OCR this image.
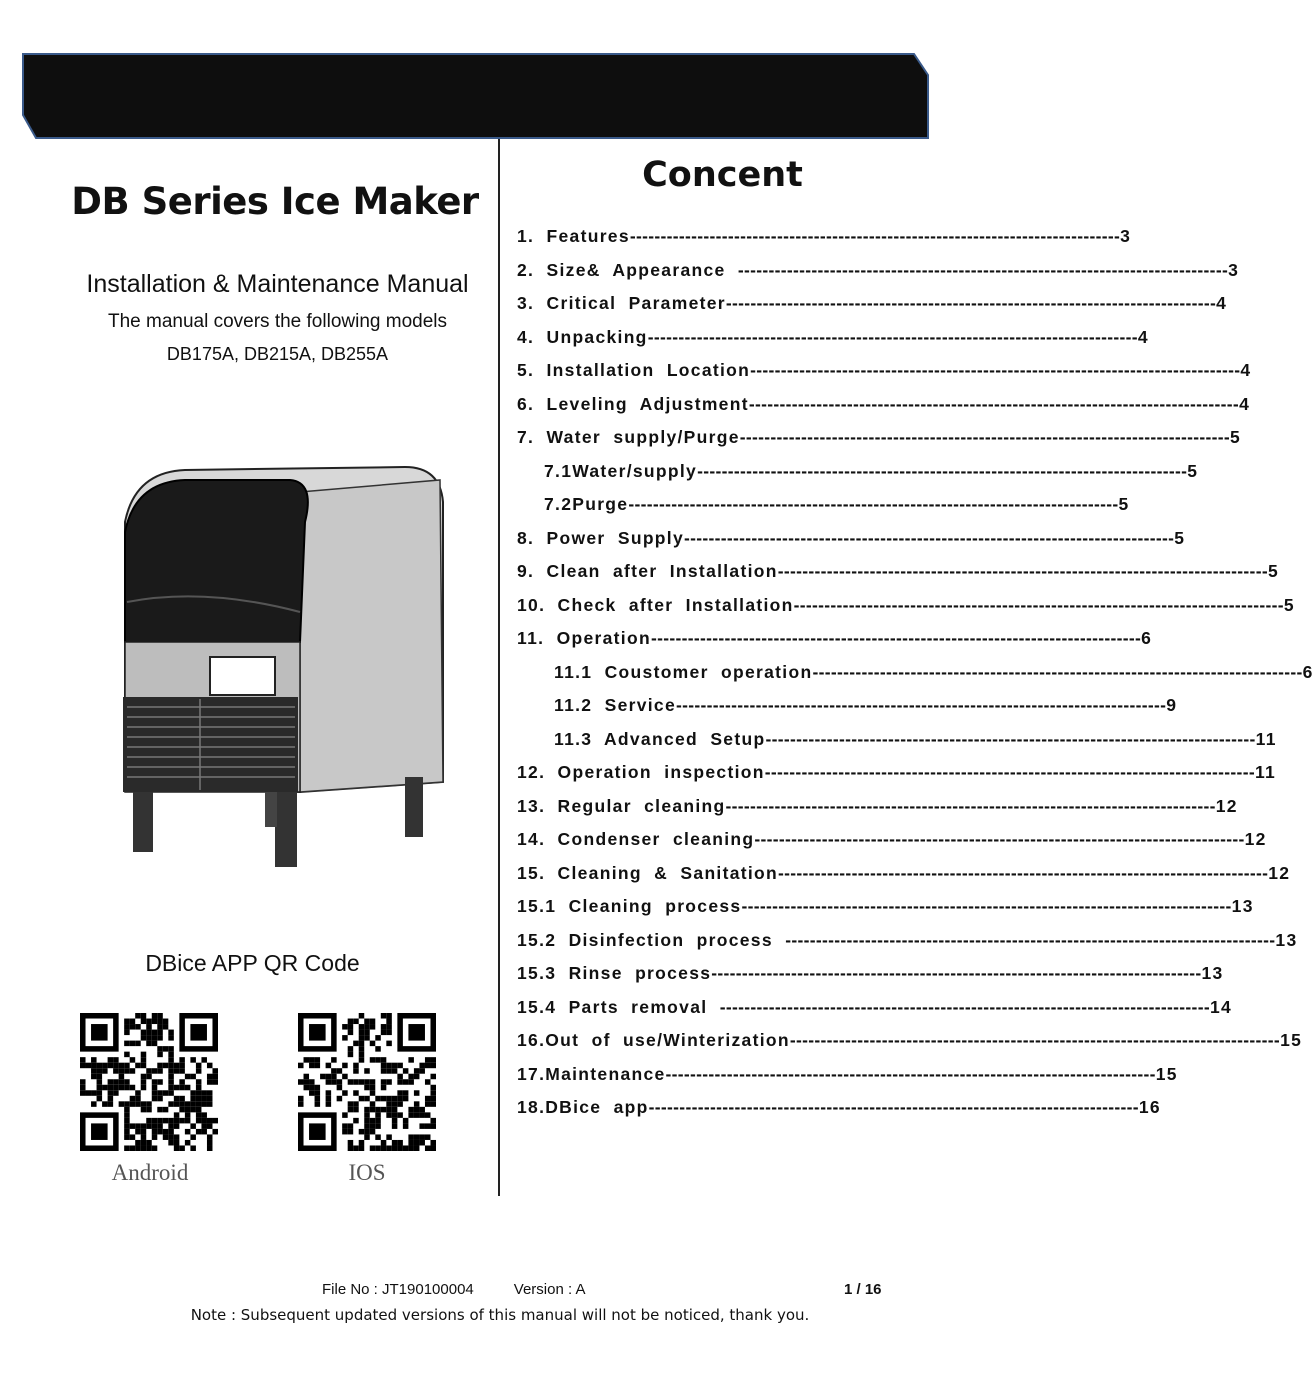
DB Series Ice Maker
Installation & Maintenance Manual
The manual covers the following models
DB175A, DB215A, DB255A
DBice APP QR Code
Android	IOS
Concent
1.  Features -------------------------------------------------------------------------------- 3
2.  Size&  Appearance -------------------------------------------------------------------------------- 3
3.  Critical  Parameter -------------------------------------------------------------------------------- 4
4.  Unpacking -------------------------------------------------------------------------------- 4
5.  Installation  Location -------------------------------------------------------------------------------- 4
6.  Leveling  Adjustment -------------------------------------------------------------------------------- 4
7.  Water  supply/Purge -------------------------------------------------------------------------------- 5
7.1Water/supply -------------------------------------------------------------------------------- 5
7.2Purge -------------------------------------------------------------------------------- 5
8.  Power  Supply -------------------------------------------------------------------------------- 5
9.  Clean  after  Installation -------------------------------------------------------------------------------- 5
10.  Check  after  Installation -------------------------------------------------------------------------------- 5
11.  Operation -------------------------------------------------------------------------------- 6
11.1  Coustomer  operation -------------------------------------------------------------------------------- 6
11.2  Service -------------------------------------------------------------------------------- 9
11.3  Advanced  Setup -------------------------------------------------------------------------------- 11
12.  Operation  inspection -------------------------------------------------------------------------------- 11
13.  Regular  cleaning -------------------------------------------------------------------------------- 12
14.  Condenser  cleaning -------------------------------------------------------------------------------- 12
15.  Cleaning  &  Sanitation -------------------------------------------------------------------------------- 12
15.1  Cleaning  process -------------------------------------------------------------------------------- 13
15.2  Disinfection  process -------------------------------------------------------------------------------- 13
15.3  Rinse  process -------------------------------------------------------------------------------- 13
15.4  Parts  removal -------------------------------------------------------------------------------- 14
16.Out  of  use/Winterization -------------------------------------------------------------------------------- 15
17.Maintenance -------------------------------------------------------------------------------- 15
18.DBice  app -------------------------------------------------------------------------------- 16
File No : JT190100004	Version : A	1 / 16
Note : Subsequent updated versions of this manual will not be noticed, thank you.
